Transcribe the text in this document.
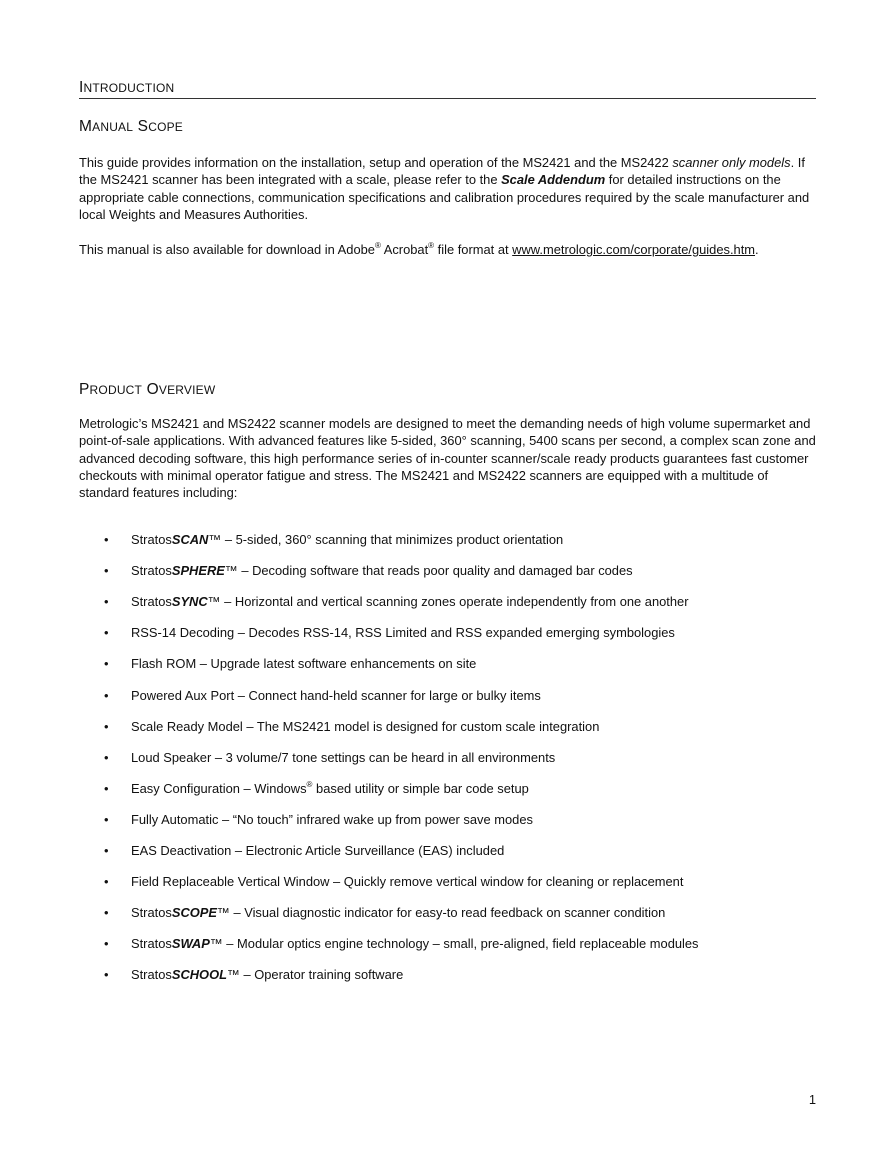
INTRODUCTION
MANUAL SCOPE
This guide provides information on the installation, setup and operation of the MS2421 and the MS2422 scanner only models. If the MS2421 scanner has been integrated with a scale, please refer to the Scale Addendum for detailed instructions on the appropriate cable connections, communication specifications and calibration procedures required by the scale manufacturer and local Weights and Measures Authorities.
This manual is also available for download in Adobe® Acrobat® file format at www.metrologic.com/corporate/guides.htm.
PRODUCT OVERVIEW
Metrologic’s MS2421 and MS2422 scanner models are designed to meet the demanding needs of high volume supermarket and point-of-sale applications. With advanced features like 5-sided, 360° scanning, 5400 scans per second, a complex scan zone and advanced decoding software, this high performance series of in-counter scanner/scale ready products guarantees fast customer checkouts with minimal operator fatigue and stress. The MS2421 and MS2422 scanners are equipped with a multitude of standard features including:
• StratosSCAN™ – 5-sided, 360° scanning that minimizes product orientation
• StratosSPHERE™ – Decoding software that reads poor quality and damaged bar codes
• StratosSYNC™ – Horizontal and vertical scanning zones operate independently from one another
• RSS-14 Decoding – Decodes RSS-14, RSS Limited and RSS expanded emerging symbologies
• Flash ROM – Upgrade latest software enhancements on site
• Powered Aux Port – Connect hand-held scanner for large or bulky items
• Scale Ready Model – The MS2421 model is designed for custom scale integration
• Loud Speaker – 3 volume/7 tone settings can be heard in all environments
• Easy Configuration – Windows® based utility or simple bar code setup
• Fully Automatic – “No touch” infrared wake up from power save modes
• EAS Deactivation – Electronic Article Surveillance (EAS) included
• Field Replaceable Vertical Window – Quickly remove vertical window for cleaning or replacement
• StratosSCOPE™ – Visual diagnostic indicator for easy-to read feedback on scanner condition
• StratosSWAP™ – Modular optics engine technology – small, pre-aligned, field replaceable modules
• StratosSCHOOL™ – Operator training software
1
